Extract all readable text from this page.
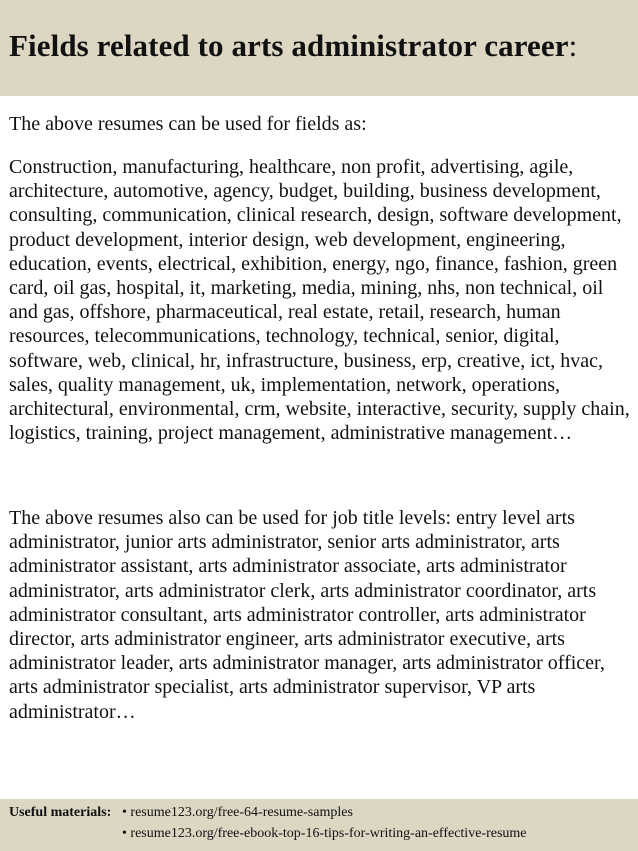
Fields related to arts administrator career:

The above resumes can be used for fields as:

Construction, manufacturing, healthcare, non profit, advertising, agile, architecture, automotive, agency, budget, building, business development, consulting, communication, clinical research, design, software development, product development, interior design, web development, engineering, education, events, electrical, exhibition, energy, ngo, finance, fashion, green card, oil gas, hospital, it, marketing, media, mining, nhs, non technical, oil and gas, offshore, pharmaceutical, real estate, retail, research, human resources, telecommunications, technology, technical, senior, digital, software, web, clinical, hr, infrastructure, business, erp, creative, ict, hvac, sales, quality management, uk, implementation, network, operations, architectural, environmental, crm, website, interactive, security, supply chain, logistics, training, project management, administrative management…

The above resumes also can be used for job title levels: entry level arts administrator, junior arts administrator, senior arts administrator, arts administrator assistant, arts administrator associate, arts administrator administrator, arts administrator clerk, arts administrator coordinator, arts administrator consultant, arts administrator controller, arts administrator director, arts administrator engineer, arts administrator executive, arts administrator leader, arts administrator manager, arts administrator officer, arts administrator specialist, arts administrator supervisor, VP arts administrator…

Useful materials: • resume123.org/free-64-resume-samples
• resume123.org/free-ebook-top-16-tips-for-writing-an-effective-resume
